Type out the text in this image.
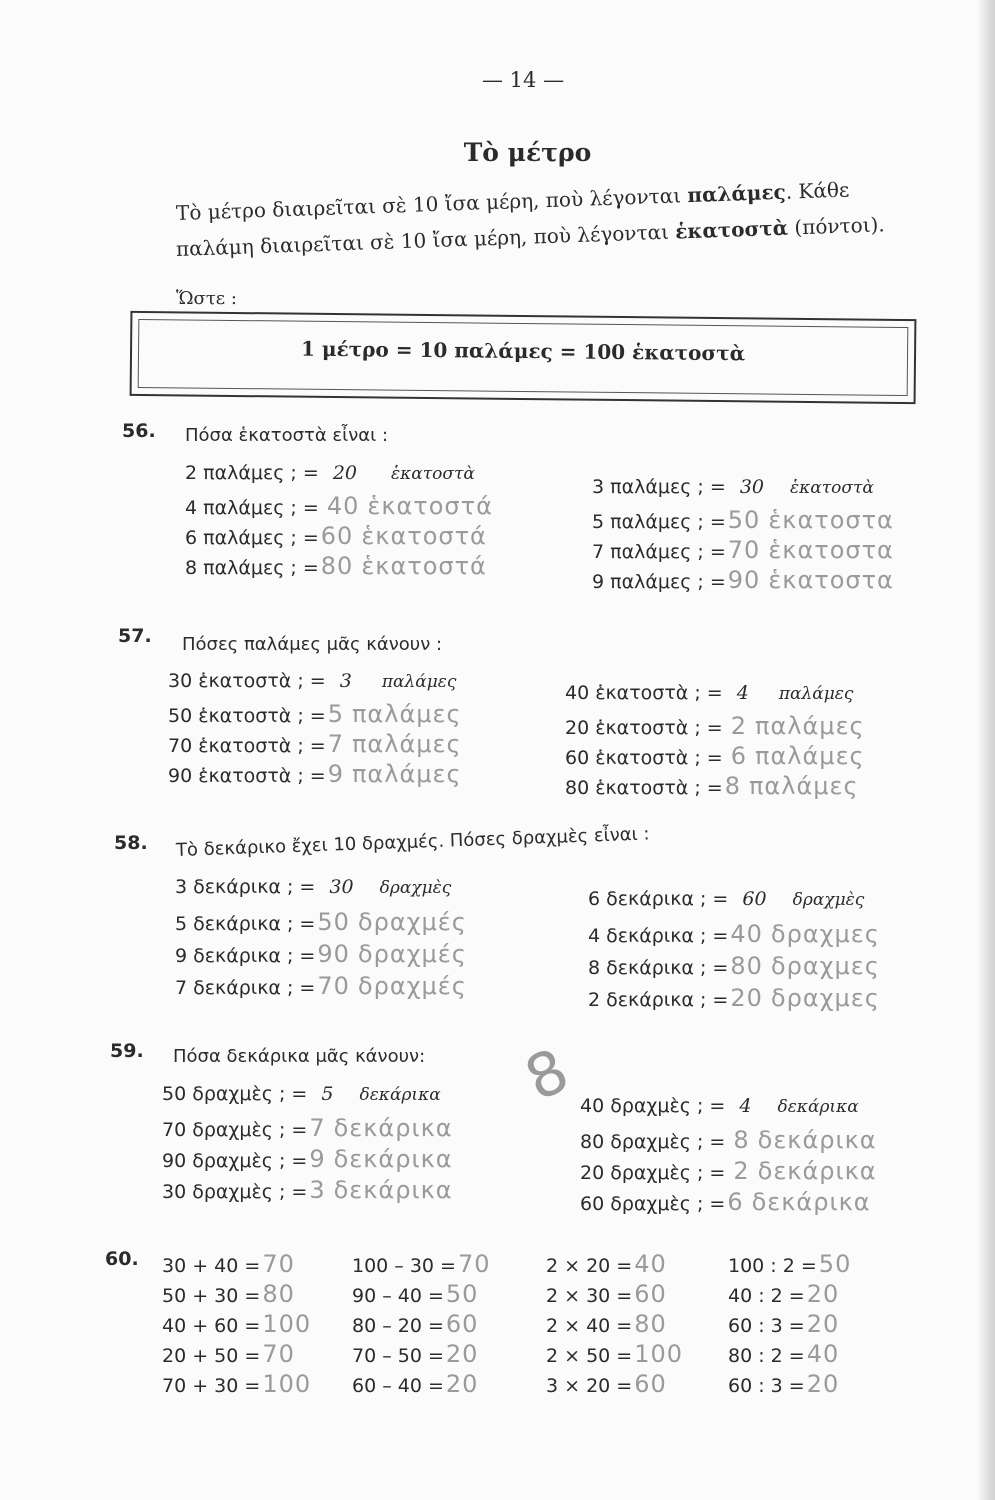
— 14 —
Τὸ μέτρο
Τὸ μέτρο διαιρεῖται σὲ 10 ἴσα μέρη, ποὺ λέγονται παλάμες. Κάθε
παλάμη διαιρεῖται σὲ 10 ἴσα μέρη, ποὺ λέγονται ἑκατοστὰ (πόντοι).
Ὥστε :
1 μέτρο = 10 παλάμες = 100 ἑκατοστὰ
56. Πόσα ἑκατοστὰ εἶναι :
2 παλάμες ; = 20 ἑκατοστὰ
4 παλάμες ; = 40 ἑκατοστά
6 παλάμες ; =60 ἑκατοστά
8 παλάμες ; =80 ἑκατοστά
3 παλάμες ; = 30 ἑκατοστὰ
5 παλάμες ; =50 ἑκατοστα
7 παλάμες ; =70 ἑκατοστα
9 παλάμες ; =90 ἑκατοστα
57. Πόσες παλάμες μᾶς κάνουν :
30 ἑκατοστὰ ; = 3 παλάμες
50 ἑκατοστὰ ; =5 παλάμες
70 ἑκατοστὰ ; =7 παλάμες
90 ἑκατοστὰ ; =9 παλάμες
40 ἑκατοστὰ ; = 4 παλάμες
20 ἑκατοστὰ ; = 2 παλάμες
60 ἑκατοστὰ ; = 6 παλάμες
80 ἑκατοστὰ ; =8 παλάμες
58. Τὸ δεκάρικο ἔχει 10 δραχμές. Πόσες δραχμὲς εἶναι :
3 δεκάρικα ; = 30 δραχμὲς
5 δεκάρικα ; =50 δραχμές
9 δεκάρικα ; =90 δραχμές
7 δεκάρικα ; =70 δραχμές
6 δεκάρικα ; = 60 δραχμὲς
4 δεκάρικα ; =40 δραχμες
8 δεκάρικα ; =80 δραχμες
2 δεκάρικα ; =20 δραχμες
59. Πόσα δεκάρικα μᾶς κάνουν:
50 δραχμὲς ; = 5 δεκάρικα
70 δραχμὲς ; =7 δεκάρικα
90 δραχμὲς ; =9 δεκάρικα
30 δραχμὲς ; =3 δεκάρικα
40 δραχμὲς ; = 4 δεκάρικα
80 δραχμὲς ; = 8 δεκάρικα
20 δραχμὲς ; = 2 δεκάρικα
60 δραχμὲς ; =6 δεκάρικα
8
60. 30 + 40 =70
50 + 30 =80
40 + 60 =100
20 + 50 =70
70 + 30 =100
100 – 30 =70
90 – 40 =50
80 – 20 =60
70 – 50 =20
60 – 40 =20
2 × 20 =40
2 × 30 =60
2 × 40 =80
2 × 50 =100
3 × 20 =60
100 : 2 =50
40 : 2 =20
60 : 3 =20
80 : 2 =40
60 : 3 =20
